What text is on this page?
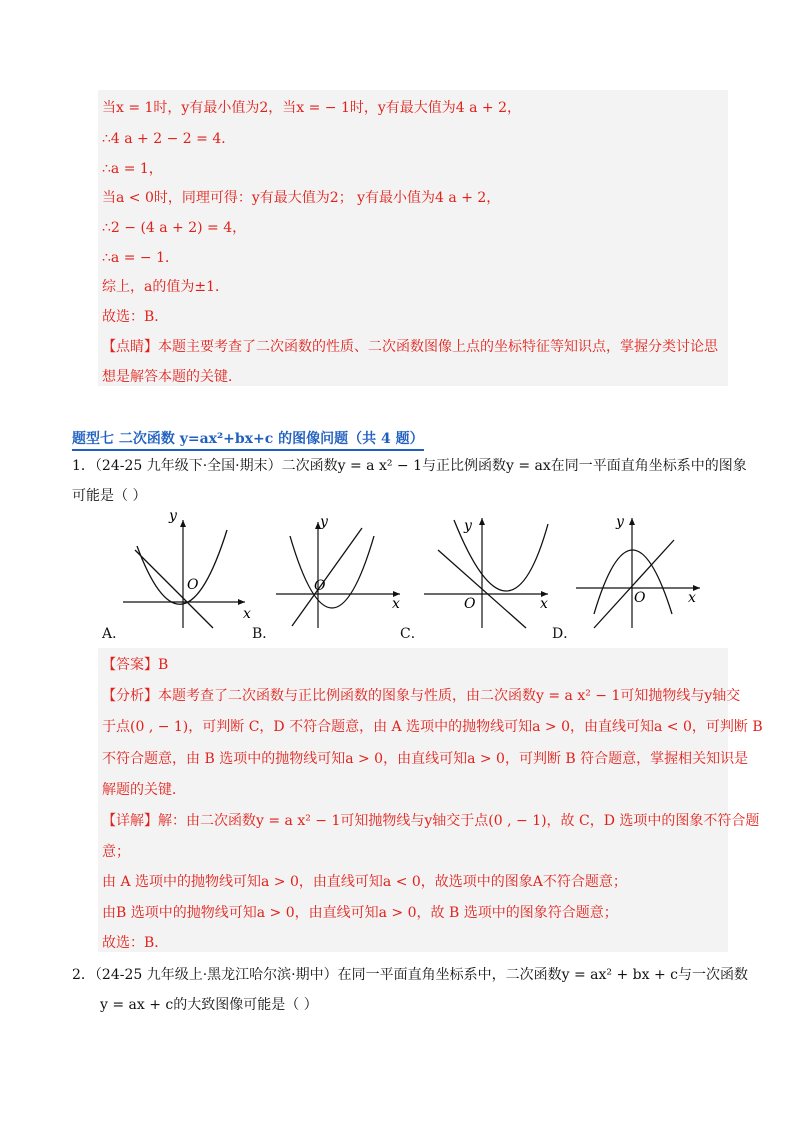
当x = 1时，y有最小值为2，当x = − 1时，y有最大值为4 a + 2，
∴4 a + 2 − 2 = 4．
∴a = 1，
当a < 0时，同理可得：y有最大值为2； y有最小值为4 a + 2，
∴2 − (4 a + 2) = 4，
∴a = − 1．
综上，a的值为±1．
故选：B．
【点睛】本题主要考查了二次函数的性质、二次函数图像上点的坐标特征等知识点，掌握分类讨论思
想是解答本题的关键．
题型七 二次函数 y=ax²+bx+c 的图像问题（共 4 题）
1．（24-25 九年级下·全国·期末）二次函数y = a x² − 1与正比例函数y = ax在同一平面直角坐标系中的图象
可能是（ ）
y
x
O
A．
y
x
O
B．
y
x
O
C．
y
x
O
D．
【答案】B
【分析】本题考查了二次函数与正比例函数的图象与性质，由二次函数y = a x² − 1可知抛物线与y轴交
于点(0 , − 1)，可判断 C，D 不符合题意，由 A 选项中的抛物线可知a > 0，由直线可知a < 0，可判断 B
不符合题意，由 B 选项中的抛物线可知a > 0，由直线可知a > 0，可判断 B 符合题意，掌握相关知识是
解题的关键．
【详解】解：由二次函数y = a x² − 1可知抛物线与y轴交于点(0 , − 1)，故 C，D 选项中的图象不符合题
意；
由 A 选项中的抛物线可知a > 0，由直线可知a < 0，故选项中的图象A不符合题意；
由B 选项中的抛物线可知a > 0，由直线可知a > 0，故 B 选项中的图象符合题意；
故选：B．
2．（24-25 九年级上·黑龙江哈尔滨·期中）在同一平面直角坐标系中，二次函数y = ax² + bx + c与一次函数
y = ax + c的大致图像可能是（ ）
